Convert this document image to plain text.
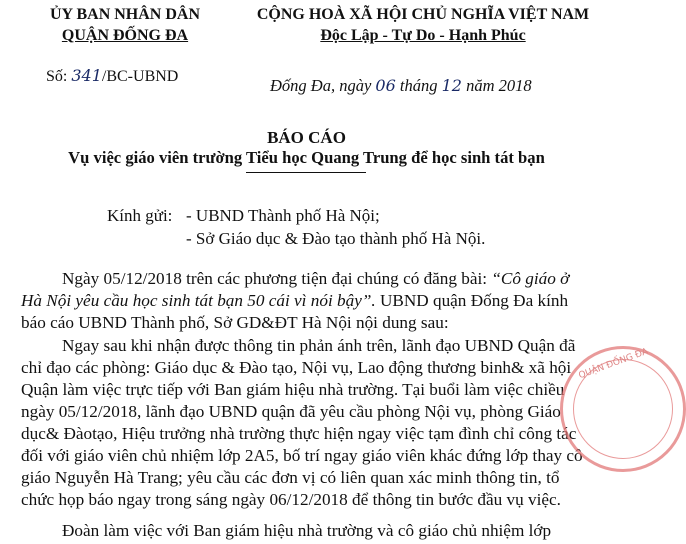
ỦY BAN NHÂN DÂN
QUẬN ĐỐNG ĐA
Số: 341/BC-UBND
CỘNG HOÀ XÃ HỘI CHỦ NGHĨA VIỆT NAM
Độc Lập - Tự Do - Hạnh Phúc
Đống Đa, ngày 06 tháng 12 năm 2018
BÁO CÁO
Vụ việc giáo viên trường Tiểu học Quang Trung để học sinh tát bạn
Kính gửi: - UBND Thành phố Hà Nội;
- Sở Giáo dục & Đào tạo thành phố Hà Nội.
Ngày 05/12/2018 trên các phương tiện đại chúng có đăng bài: “Cô giáo ở
Hà Nội yêu cầu học sinh tát bạn 50 cái vì nói bậy”. UBND quận Đống Đa kính
báo cáo UBND Thành phố, Sở GD&ĐT Hà Nội nội dung sau:
Ngay sau khi nhận được thông tin phản ánh trên, lãnh đạo UBND Quận đã
chỉ đạo các phòng: Giáo dục & Đào tạo, Nội vụ, Lao động thương binh& xã hội
Quận làm việc trực tiếp với Ban giám hiệu nhà trường. Tại buổi làm việc chiều
ngày 05/12/2018, lãnh đạo UBND quận đã yêu cầu phòng Nội vụ, phòng Giáo
dục& Đàotạo, Hiệu trưởng nhà trường thực hiện ngay việc tạm đình chỉ công tác
đối với giáo viên chủ nhiệm lớp 2A5, bố trí ngay giáo viên khác đứng lớp thay cô
giáo Nguyễn Hà Trang; yêu cầu các đơn vị có liên quan xác minh thông tin, tổ
chức họp báo ngay trong sáng ngày 06/12/2018 để thông tin bước đầu vụ việc.
Đoàn làm việc với Ban giám hiệu nhà trường và cô giáo chủ nhiệm lớp
QUẬN ĐỐNG ĐA
